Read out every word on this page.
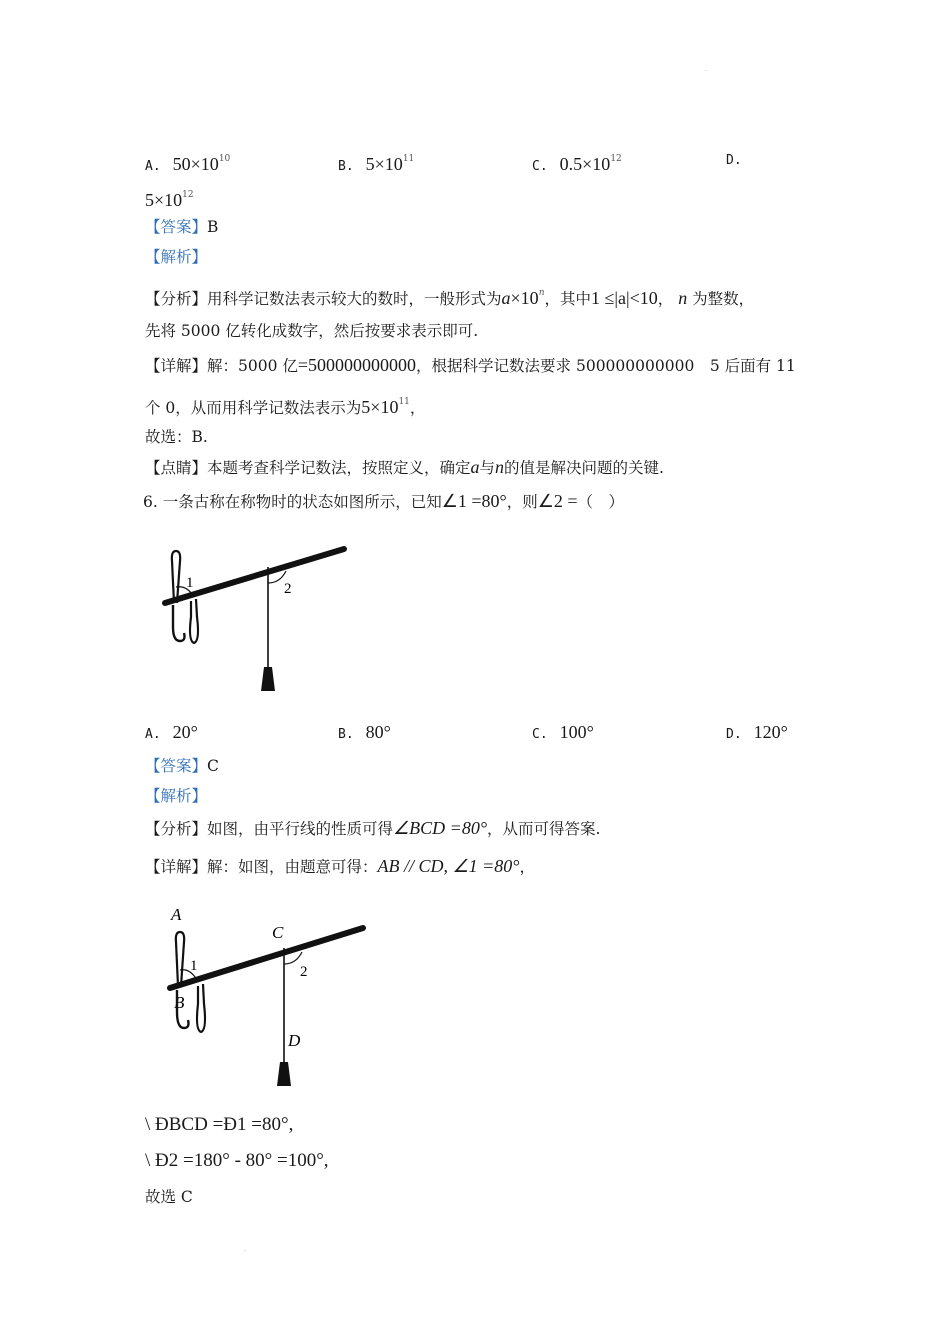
.
A. $50\times 10^{10}$	B. $5\times 10^{11}$	C. $0.5\times 10^{12}$	D.
$5\times 10^{12}$
【答案】B
【解析】
【分析】用科学记数法表示较大的数时，一般形式为$a\times 10^n$，其中1 ≤|a|<10， n 为整数，
先将 5000 亿转化成数字，然后按要求表示即可.
【详解】解：5000 亿=500000000000，根据科学记数法要求 500000000000　5 后面有 11
个 0，从而用科学记数法表示为$5\times 10^{11}$，
故选：B.
【点睛】本题考查科学记数法，按照定义，确定a与n的值是解决问题的关键.
6. 一条古称在称物时的状态如图所示，已知∠1 =80°，则∠2 =（　）
1	2
A. 20°	B. 80°	C. 100°	D. 120°
【答案】C
【解析】
【分析】如图，由平行线的性质可得∠BCD =80°，从而可得答案.
【详解】解：如图，由题意可得：AB // CD, ∠1 =80°，
A
1
B
C
2
D
\ ÐBCD =Ð1 =80°,
\ Ð2 =180° - 80° =100°,
故选 C
.
